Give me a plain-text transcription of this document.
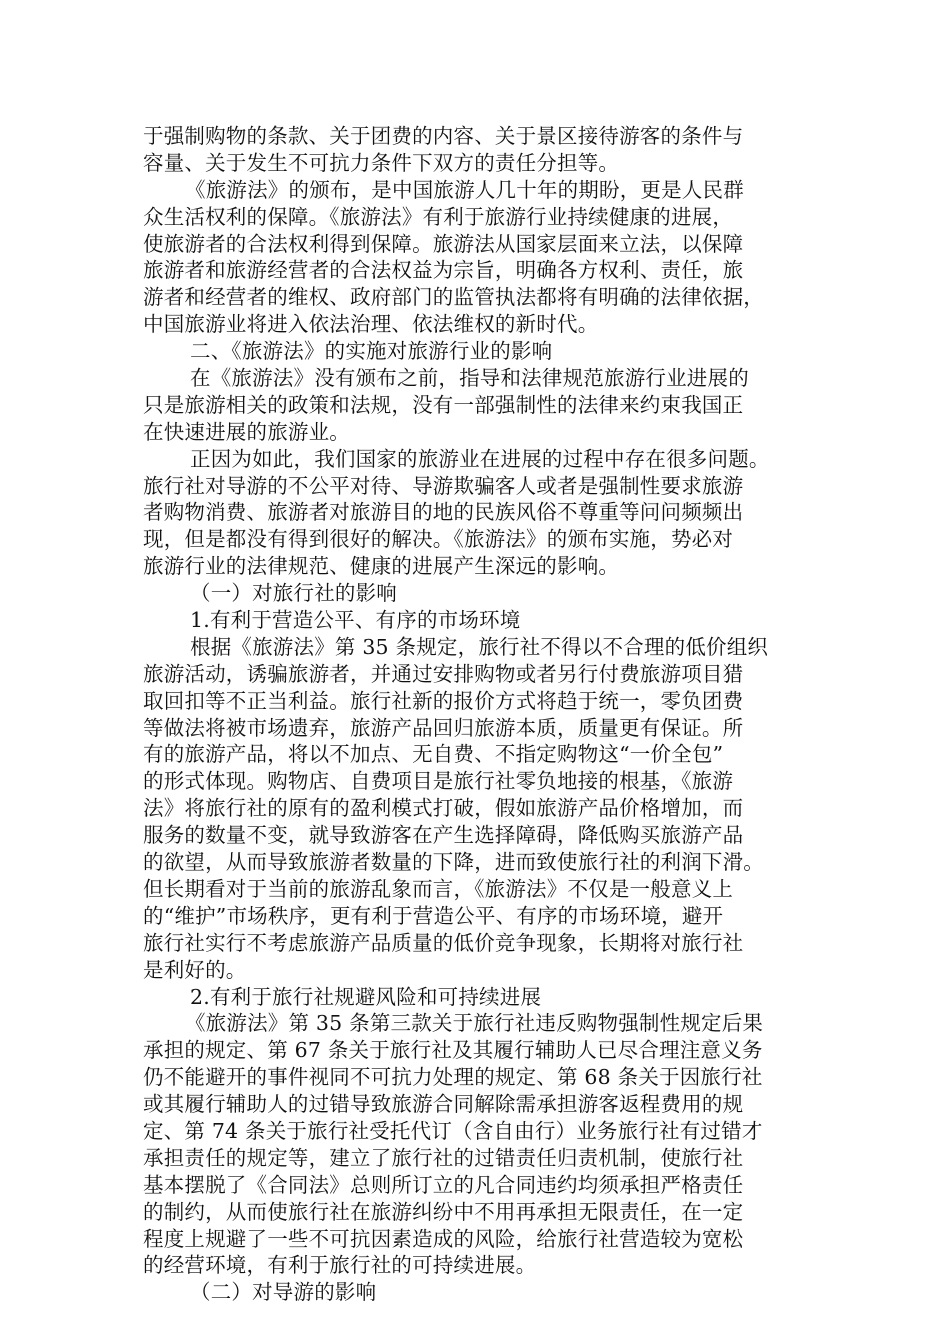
于强制购物的条款、关于团费的内容、关于景区接待游客的条件与
容量、关于发生不可抗力条件下双方的责任分担等。
《旅游法》的颁布，是中国旅游人几十年的期盼，更是人民群
众生活权利的保障。《旅游法》有利于旅游行业持续健康的进展，
使旅游者的合法权利得到保障。旅游法从国家层面来立法，以保障
旅游者和旅游经营者的合法权益为宗旨，明确各方权利、责任，旅
游者和经营者的维权、政府部门的监管执法都将有明确的法律依据，
中国旅游业将进入依法治理、依法维权的新时代。
二、《旅游法》的实施对旅游行业的影响
在《旅游法》没有颁布之前，指导和法律规范旅游行业进展的
只是旅游相关的政策和法规，没有一部强制性的法律来约束我国正
在快速进展的旅游业。
正因为如此，我们国家的旅游业在进展的过程中存在很多问题。
旅行社对导游的不公平对待、导游欺骗客人或者是强制性要求旅游
者购物消费、旅游者对旅游目的地的民族风俗不尊重等问问频频出
现，但是都没有得到很好的解决。《旅游法》的颁布实施，势必对
旅游行业的法律规范、健康的进展产生深远的影响。
（一）对旅行社的影响
1.有利于营造公平、有序的市场环境
根据《旅游法》第 35 条规定，旅行社不得以不合理的低价组织
旅游活动，诱骗旅游者，并通过安排购物或者另行付费旅游项目猎
取回扣等不正当利益。旅行社新的报价方式将趋于统一，零负团费
等做法将被市场遗弃，旅游产品回归旅游本质，质量更有保证。所
有的旅游产品，将以不加点、无自费、不指定购物这“一价全包”
的形式体现。购物店、自费项目是旅行社零负地接的根基，《旅游
法》将旅行社的原有的盈利模式打破，假如旅游产品价格增加，而
服务的数量不变，就导致游客在产生选择障碍，降低购买旅游产品
的欲望，从而导致旅游者数量的下降，进而致使旅行社的利润下滑。
但长期看对于当前的旅游乱象而言，《旅游法》不仅是一般意义上
的“维护”市场秩序，更有利于营造公平、有序的市场环境，避开
旅行社实行不考虑旅游产品质量的低价竞争现象，长期将对旅行社
是利好的。
2.有利于旅行社规避风险和可持续进展
《旅游法》第 35 条第三款关于旅行社违反购物强制性规定后果
承担的规定、第 67 条关于旅行社及其履行辅助人已尽合理注意义务
仍不能避开的事件视同不可抗力处理的规定、第 68 条关于因旅行社
或其履行辅助人的过错导致旅游合同解除需承担游客返程费用的规
定、第 74 条关于旅行社受托代订（含自由行）业务旅行社有过错才
承担责任的规定等，建立了旅行社的过错责任归责机制，使旅行社
基本摆脱了《合同法》总则所订立的凡合同违约均须承担严格责任
的制约，从而使旅行社在旅游纠纷中不用再承担无限责任，在一定
程度上规避了一些不可抗因素造成的风险，给旅行社营造较为宽松
的经营环境，有利于旅行社的可持续进展。
（二）对导游的影响
